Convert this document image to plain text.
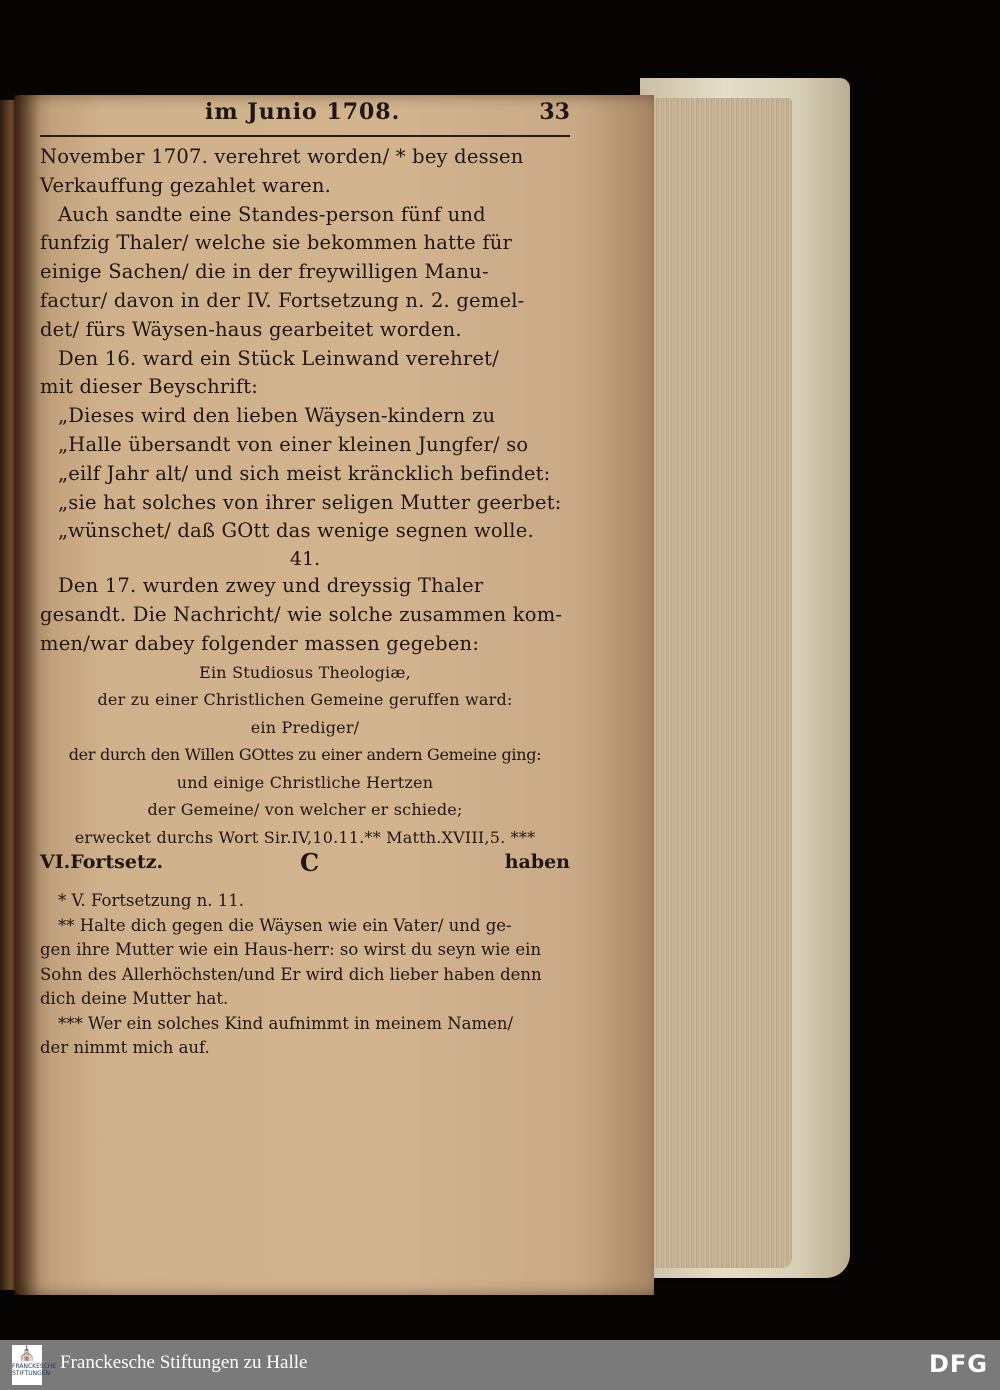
im Junio 1708.	33
November 1707. verehret worden/ * bey dessen
Verkauffung gezahlet waren.
Auch sandte eine Standes-person fünf und
funfzig Thaler/ welche sie bekommen hatte für
einige Sachen/ die in der freywilligen Manu-
factur/ davon in der IV. Fortsetzung n. 2. gemel-
det/ fürs Wäysen-haus gearbeitet worden.
Den 16. ward ein Stück Leinwand verehret/
mit dieser Beyschrift:
„Dieses wird den lieben Wäysen-kindern zu
„Halle übersandt von einer kleinen Jungfer/ so
„eilf Jahr alt/ und sich meist kräncklich befindet:
„sie hat solches von ihrer seligen Mutter geerbet:
„wünschet/ daß GOtt das wenige segnen wolle.
41.
Den 17. wurden zwey und dreyssig Thaler
gesandt. Die Nachricht/ wie solche zusammen kom-
men/war dabey folgender massen gegeben:
Ein Studiosus Theologiæ,
der zu einer Christlichen Gemeine geruffen ward:
ein Prediger/
der durch den Willen GOttes zu einer andern Gemeine ging:
und einige Christliche Hertzen
der Gemeine/ von welcher er schiede;
erwecket durchs Wort Sir.IV,10.11.** Matth.XVIII,5. ***
VI.Fortsetz.	C	haben
* V. Fortsetzung n. 11.
** Halte dich gegen die Wäysen wie ein Vater/ und ge-
gen ihre Mutter wie ein Haus-herr: so wirst du seyn wie ein
Sohn des Allerhöchsten/und Er wird dich lieber haben denn
dich deine Mutter hat.
*** Wer ein solches Kind aufnimmt in meinem Namen/
der nimmt mich auf.
⛪
FRANCKESCHE STIFTUNGEN
Franckesche Stiftungen zu Halle	DFG
